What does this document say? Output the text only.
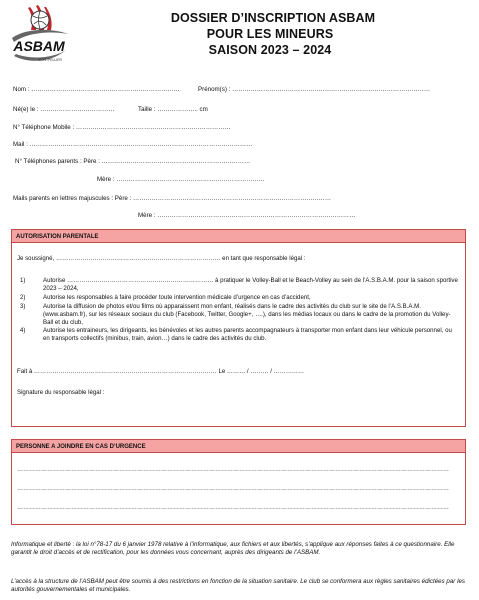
ASBAM
MONTPELLIER
DOSSIER D’INSCRIPTION ASBAM
POUR LES MINEURS
SAISON 2023 – 2024
Nom : ………………………………………………………………	Prénom(s) : ……………………………………………………………………………………
Né(e) le : ………………………………	Taille : ……………….. cm
N° Téléphone Mobile : …………………………………………………………………
Mail : ………………………………………………………………………………………………
N° Téléphones parents : Père : ………………………………………………………………
Mère : ………………………………………………………………
Mails parents en lettres majuscules : Père : ……………………………………………………………………………………
Mère : ……………………………………………………………………………………
AUTORISATION PARENTALE
Je soussigné, ……………………………………………………………………… en tant que responsable légal :
1)	Autorise ……………………………………………………………… à pratiquer le Volley-Ball et le Beach-Volley au sein de l’A.S.B.A.M. pour la saison sportive 2023 – 2024,
2)	Autorise les responsables à faire procéder toute intervention médicale d’urgence en cas d’accident,
3)	Autorise la diffusion de photos et/ou films où apparaissent mon enfant, réalisés dans le cadre des activités du club sur le site de l’A.S.B.A.M. (www.asbam.fr), sur les réseaux sociaux du club (Facebook, Twitter, Google+, ….), dans les médias locaux ou dans le cadre de la promotion du Volley-Ball et du club,
4)	Autorise les entraineurs, les dirigeants, les bénévoles et les autres parents accompagnateurs à transporter mon enfant dans leur véhicule personnel, ou en transports collectifs (minibus, train, avion…) dans le cadre des activités du club.
Fait à ……………………………………………………………………………… Le ……… / ……… / ……………
Signature du responsable légal :
PERSONNE A JOINDRE EN CAS D’URGENCE
………………………………………………………………………………………………………………………………………………………………………………………………
………………………………………………………………………………………………………………………………………………………………………………………………
………………………………………………………………………………………………………………………………………………………………………………………………
Informatique et liberté : la loi n°78-17 du 6 janvier 1978 relative à l’informatique, aux fichiers et aux libertés, s’applique aux réponses faites à ce questionnaire. Elle garantit le droit d’accès et de rectification, pour les données vous concernant, auprès des dirigeants de l’ASBAM.
L’accès à la structure de l’ASBAM peut être soumis à des restrictions en fonction de la situation sanitaire. Le club se conformera aux règles sanitaires édictées par les autorités gouvernementales et municipales.
